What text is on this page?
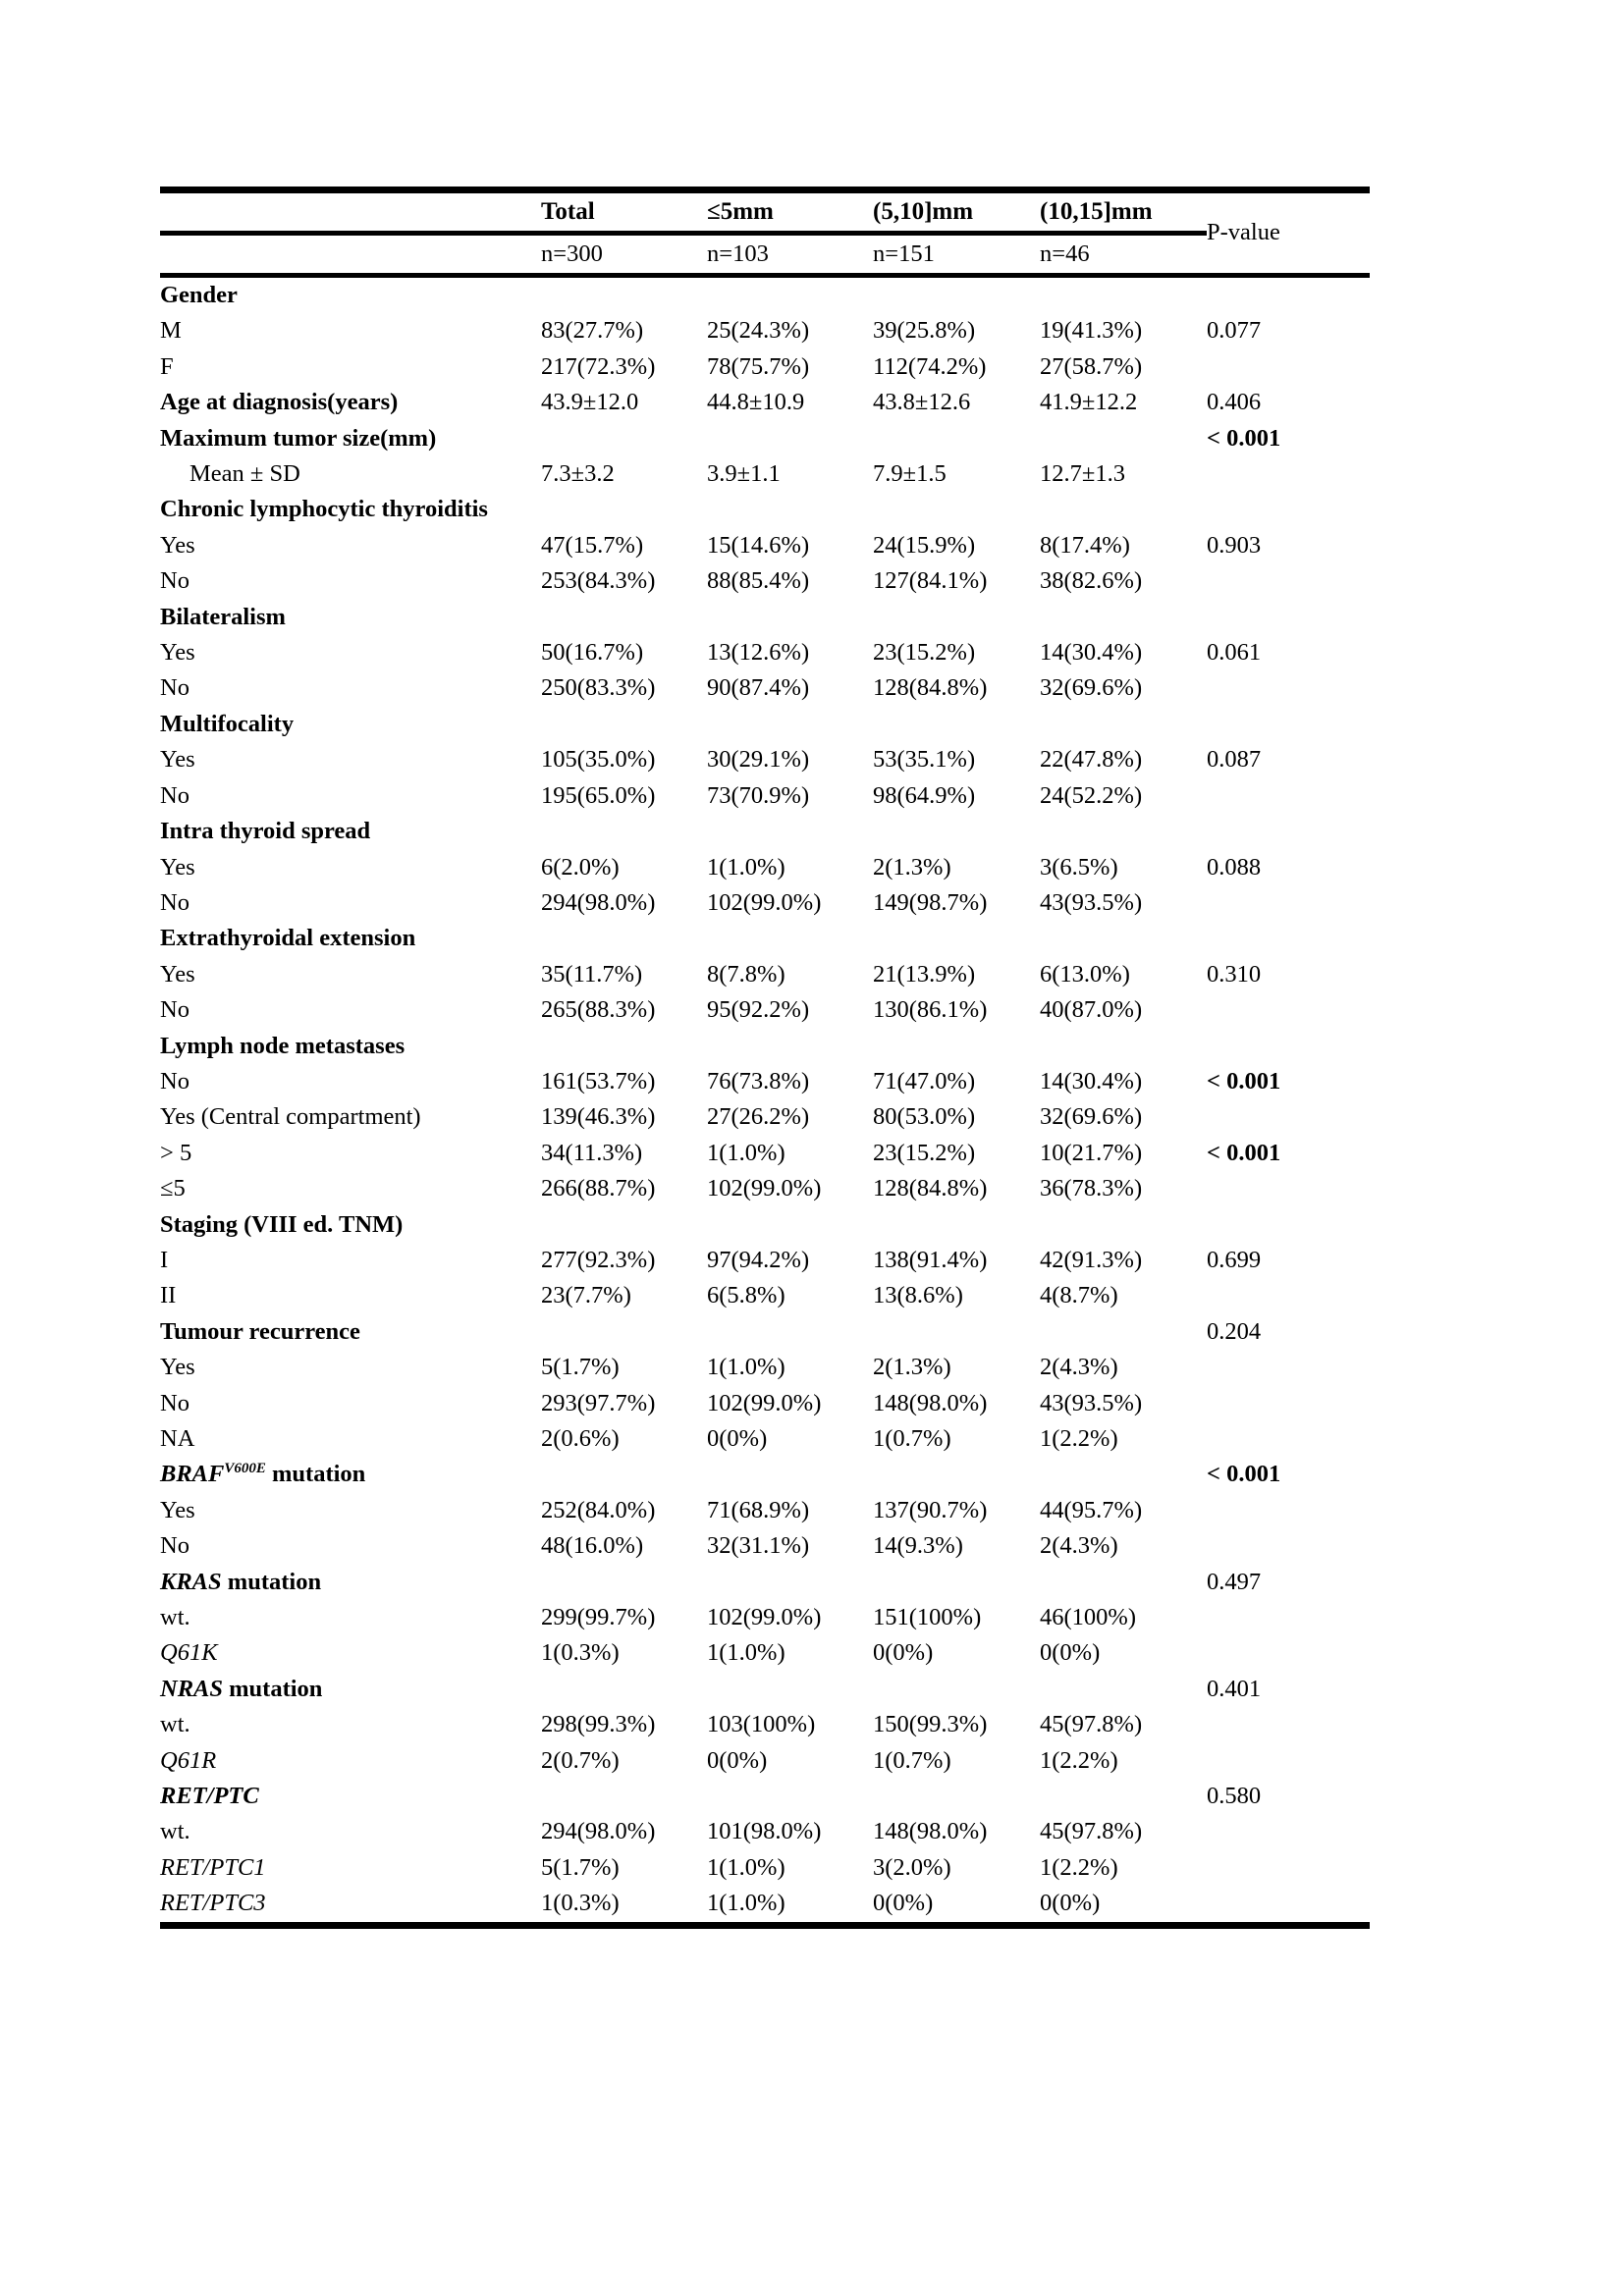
	Total	≤5mm	(5,10]mm	(10,15]mm	P-value
	n=300	n=103	n=151	n=46	
Gender					
M	83(27.7%)	25(24.3%)	39(25.8%)	19(41.3%)	0.077
F	217(72.3%)	78(75.7%)	112(74.2%)	27(58.7%)	
Age at diagnosis(years)	43.9±12.0	44.8±10.9	43.8±12.6	41.9±12.2	0.406
Maximum tumor size(mm)					< 0.001
Mean ± SD	7.3±3.2	3.9±1.1	7.9±1.5	12.7±1.3	
Chronic lymphocytic thyroiditis					
Yes	47(15.7%)	15(14.6%)	24(15.9%)	8(17.4%)	0.903
No	253(84.3%)	88(85.4%)	127(84.1%)	38(82.6%)	
Bilateralism					
Yes	50(16.7%)	13(12.6%)	23(15.2%)	14(30.4%)	0.061
No	250(83.3%)	90(87.4%)	128(84.8%)	32(69.6%)	
Multifocality					
Yes	105(35.0%)	30(29.1%)	53(35.1%)	22(47.8%)	0.087
No	195(65.0%)	73(70.9%)	98(64.9%)	24(52.2%)	
Intra thyroid spread					
Yes	6(2.0%)	1(1.0%)	2(1.3%)	3(6.5%)	0.088
No	294(98.0%)	102(99.0%)	149(98.7%)	43(93.5%)	
Extrathyroidal extension					
Yes	35(11.7%)	8(7.8%)	21(13.9%)	6(13.0%)	0.310
No	265(88.3%)	95(92.2%)	130(86.1%)	40(87.0%)	
Lymph node metastases					
No	161(53.7%)	76(73.8%)	71(47.0%)	14(30.4%)	< 0.001
Yes (Central compartment)	139(46.3%)	27(26.2%)	80(53.0%)	32(69.6%)	
> 5	34(11.3%)	1(1.0%)	23(15.2%)	10(21.7%)	< 0.001
≤5	266(88.7%)	102(99.0%)	128(84.8%)	36(78.3%)	
Staging (VIII ed. TNM)					
I	277(92.3%)	97(94.2%)	138(91.4%)	42(91.3%)	0.699
II	23(7.7%)	6(5.8%)	13(8.6%)	4(8.7%)	
Tumour recurrence					0.204
Yes	5(1.7%)	1(1.0%)	2(1.3%)	2(4.3%)	
No	293(97.7%)	102(99.0%)	148(98.0%)	43(93.5%)	
NA	2(0.6%)	0(0%)	1(0.7%)	1(2.2%)	
$BRAF^{V600E}$ mutation					< 0.001
Yes	252(84.0%)	71(68.9%)	137(90.7%)	44(95.7%)	
No	48(16.0%)	32(31.1%)	14(9.3%)	2(4.3%)	
KRAS mutation					0.497
wt.	299(99.7%)	102(99.0%)	151(100%)	46(100%)	
Q61K	1(0.3%)	1(1.0%)	0(0%)	0(0%)	
NRAS mutation					0.401
wt.	298(99.3%)	103(100%)	150(99.3%)	45(97.8%)	
Q61R	2(0.7%)	0(0%)	1(0.7%)	1(2.2%)	
RET/PTC					0.580
wt.	294(98.0%)	101(98.0%)	148(98.0%)	45(97.8%)	
RET/PTC1	5(1.7%)	1(1.0%)	3(2.0%)	1(2.2%)	
RET/PTC3	1(0.3%)	1(1.0%)	0(0%)	0(0%)	
